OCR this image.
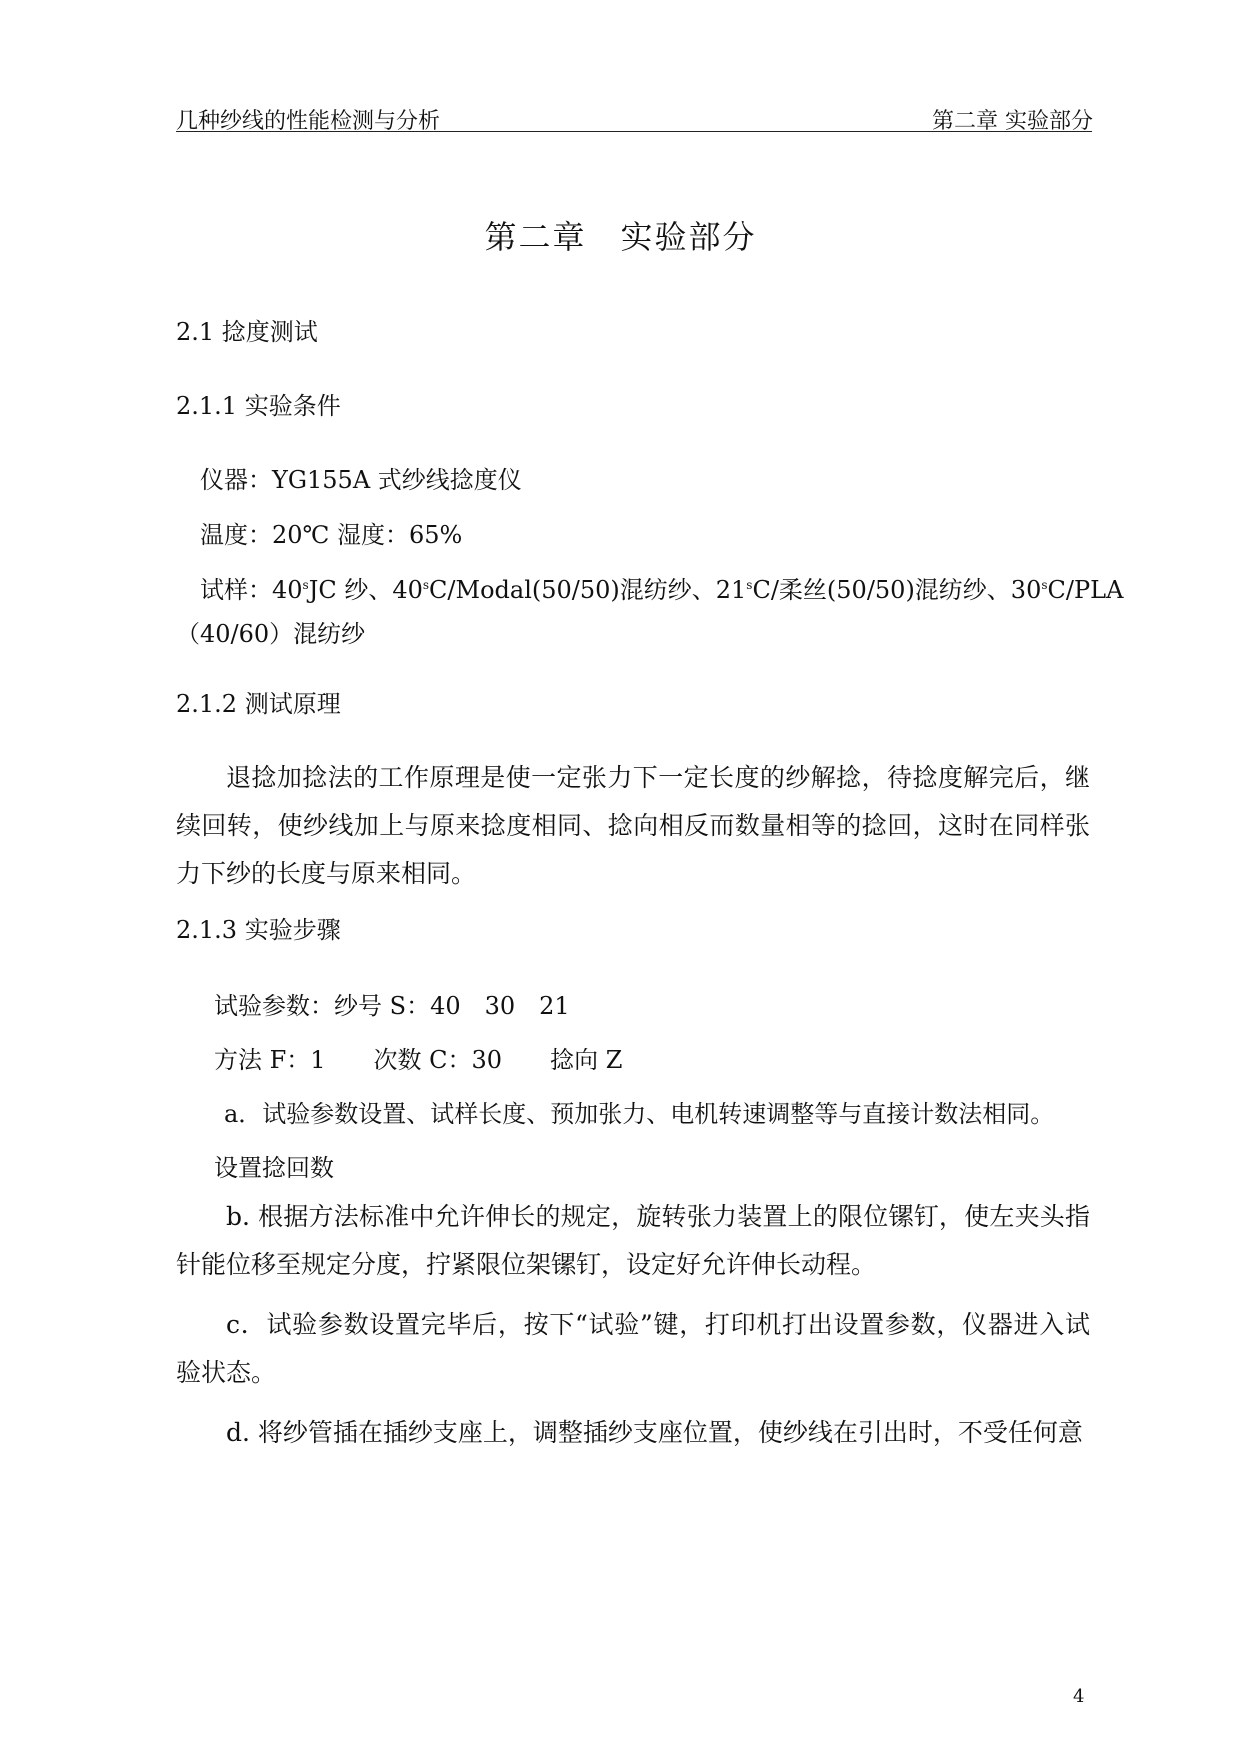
几种纱线的性能检测与分析	第二章 实验部分
第二章　实验部分
2.1 捻度测试
2.1.1 实验条件
仪器：YG155A 式纱线捻度仪
温度：20℃ 湿度：65%
试样：40$^s$JC 纱、40$^s$C/Modal(50/50)混纺纱、21$^s$C/柔丝(50/50)混纺纱、30$^s$C/PLA
（40/60）混纺纱
2.1.2 测试原理
退捻加捻法的工作原理是使一定张力下一定长度的纱解捻，待捻度解完后，继续回转，使纱线加上与原来捻度相同、捻向相反而数量相等的捻回，这时在同样张力下纱的长度与原来相同。
2.1.3 实验步骤
试验参数：纱号 S：40　30　21
方法 F：1　　次数 C：30　　捻向 Z
a．试验参数设置、试样长度、预加张力、电机转速调整等与直接计数法相同。
设置捻回数
b. 根据方法标准中允许伸长的规定，旋转张力装置上的限位镙钉，使左夹头指针能位移至规定分度，拧紧限位架镙钉，设定好允许伸长动程。
c．试验参数设置完毕后，按下“试验”键，打印机打出设置参数，仪器进入试验状态。
d. 将纱管插在插纱支座上，调整插纱支座位置，使纱线在引出时，不受任何意
4
